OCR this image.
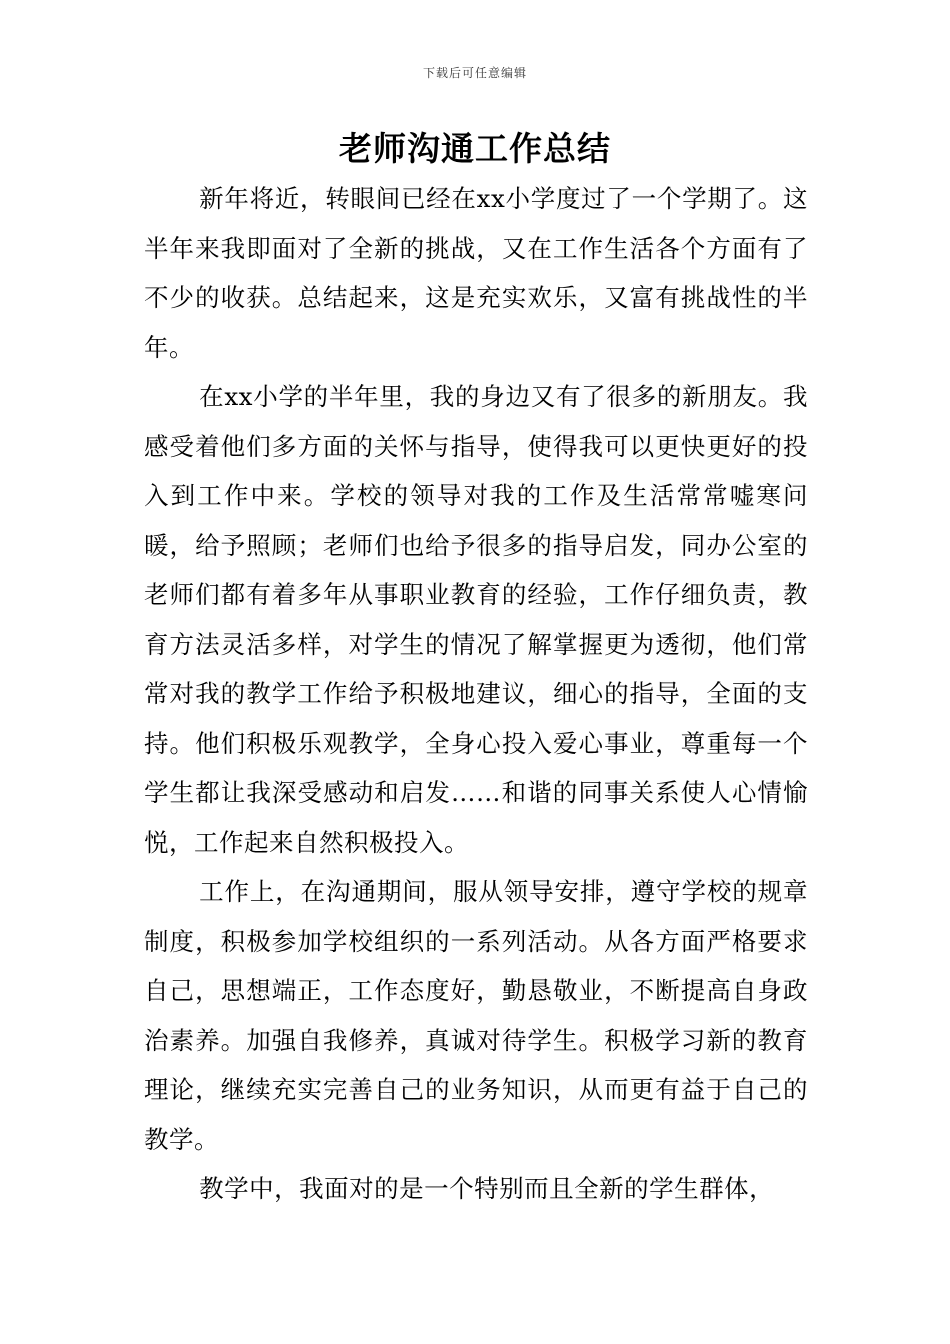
下载后可任意编辑
老师沟通工作总结

新年将近，转眼间已经在xx小学度过了一个学期了。这半年来我即面对了全新的挑战，又在工作生活各个方面有了不少的收获。总结起来，这是充实欢乐，又富有挑战性的半年。

在xx小学的半年里，我的身边又有了很多的新朋友。我感受着他们多方面的关怀与指导，使得我可以更快更好的投入到工作中来。学校的领导对我的工作及生活常常嘘寒问暖，给予照顾；老师们也给予很多的指导启发，同办公室的老师们都有着多年从事职业教育的经验，工作仔细负责，教育方法灵活多样，对学生的情况了解掌握更为透彻，他们常常对我的教学工作给予积极地建议，细心的指导，全面的支持。他们积极乐观教学，全身心投入爱心事业，尊重每一个学生都让我深受感动和启发……和谐的同事关系使人心情愉悦，工作起来自然积极投入。

工作上，在沟通期间，服从领导安排，遵守学校的规章制度，积极参加学校组织的一系列活动。从各方面严格要求自己，思想端正，工作态度好，勤恳敬业，不断提高自身政治素养。加强自我修养，真诚对待学生。积极学习新的教育理论，继续充实完善自己的业务知识，从而更有益于自己的教学。

教学中，我面对的是一个特别而且全新的学生群体，
